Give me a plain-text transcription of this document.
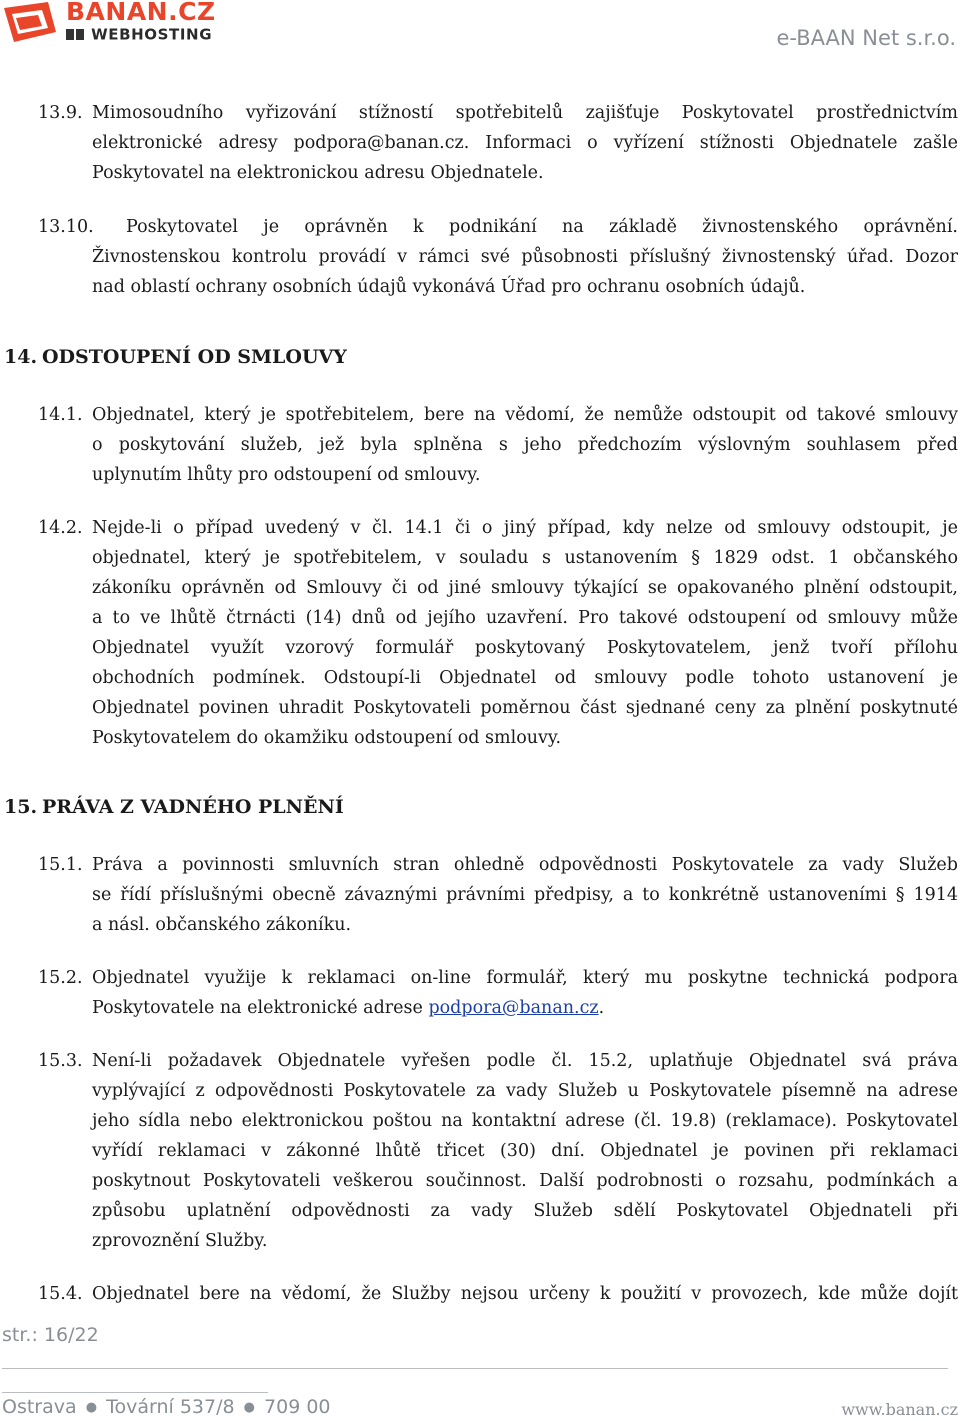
BANAN.CZ
WEBHOSTING	e-BAAN Net s.r.o.
13.9. Mimosoudního vyřizování stížností spotřebitelů zajišťuje Poskytovatel prostřednictvím
elektronické adresy podpora@banan.cz. Informaci o vyřízení stížnosti Objednatele zašle
Poskytovatel na elektronickou adresu Objednatele.
13.10. Poskytovatel je oprávněn k podnikání na základě živnostenského oprávnění.
Živnostenskou kontrolu provádí v rámci své působnosti příslušný živnostenský úřad. Dozor
nad oblastí ochrany osobních údajů vykonává Úřad pro ochranu osobních údajů.
14. ODSTOUPENÍ OD SMLOUVY
14.1. Objednatel, který je spotřebitelem, bere na vědomí, že nemůže odstoupit od takové smlouvy
o poskytování služeb, jež byla splněna s jeho předchozím výslovným souhlasem před
uplynutím lhůty pro odstoupení od smlouvy.
14.2. Nejde-li o případ uvedený v čl. 14.1 či o jiný případ, kdy nelze od smlouvy odstoupit, je
objednatel, který je spotřebitelem, v souladu s ustanovením § 1829 odst. 1 občanského
zákoníku oprávněn od Smlouvy či od jiné smlouvy týkající se opakovaného plnění odstoupit,
a to ve lhůtě čtrnácti (14) dnů od jejího uzavření. Pro takové odstoupení od smlouvy může
Objednatel využít vzorový formulář poskytovaný Poskytovatelem, jenž tvoří přílohu
obchodních podmínek. Odstoupí-li Objednatel od smlouvy podle tohoto ustanovení je
Objednatel povinen uhradit Poskytovateli poměrnou část sjednané ceny za plnění poskytnuté
Poskytovatelem do okamžiku odstoupení od smlouvy.
15. PRÁVA Z VADNÉHO PLNĚNÍ
15.1. Práva a povinnosti smluvních stran ohledně odpovědnosti Poskytovatele za vady Služeb
se řídí příslušnými obecně závaznými právními předpisy, a to konkrétně ustanoveními § 1914
a násl. občanského zákoníku.
15.2. Objednatel využije k reklamaci on-line formulář, který mu poskytne technická podpora
Poskytovatele na elektronické adrese podpora@banan.cz.
15.3. Není-li požadavek Objednatele vyřešen podle čl. 15.2, uplatňuje Objednatel svá práva
vyplývající z odpovědnosti Poskytovatele za vady Služeb u Poskytovatele písemně na adrese
jeho sídla nebo elektronickou poštou na kontaktní adrese (čl. 19.8) (reklamace). Poskytovatel
vyřídí reklamaci v zákonné lhůtě třicet (30) dní. Objednatel je povinen při reklamaci
poskytnout Poskytovateli veškerou součinnost. Další podrobnosti o rozsahu, podmínkách a
způsobu uplatnění odpovědnosti za vady Služeb sdělí Poskytovatel Objednateli při
zprovoznění Služby.
15.4. Objednatel bere na vědomí, že Služby nejsou určeny k použití v provozech, kde může dojít
str.: 16/22
Ostrava ● Tovární 537/8 ● 709 00	www.banan.cz
